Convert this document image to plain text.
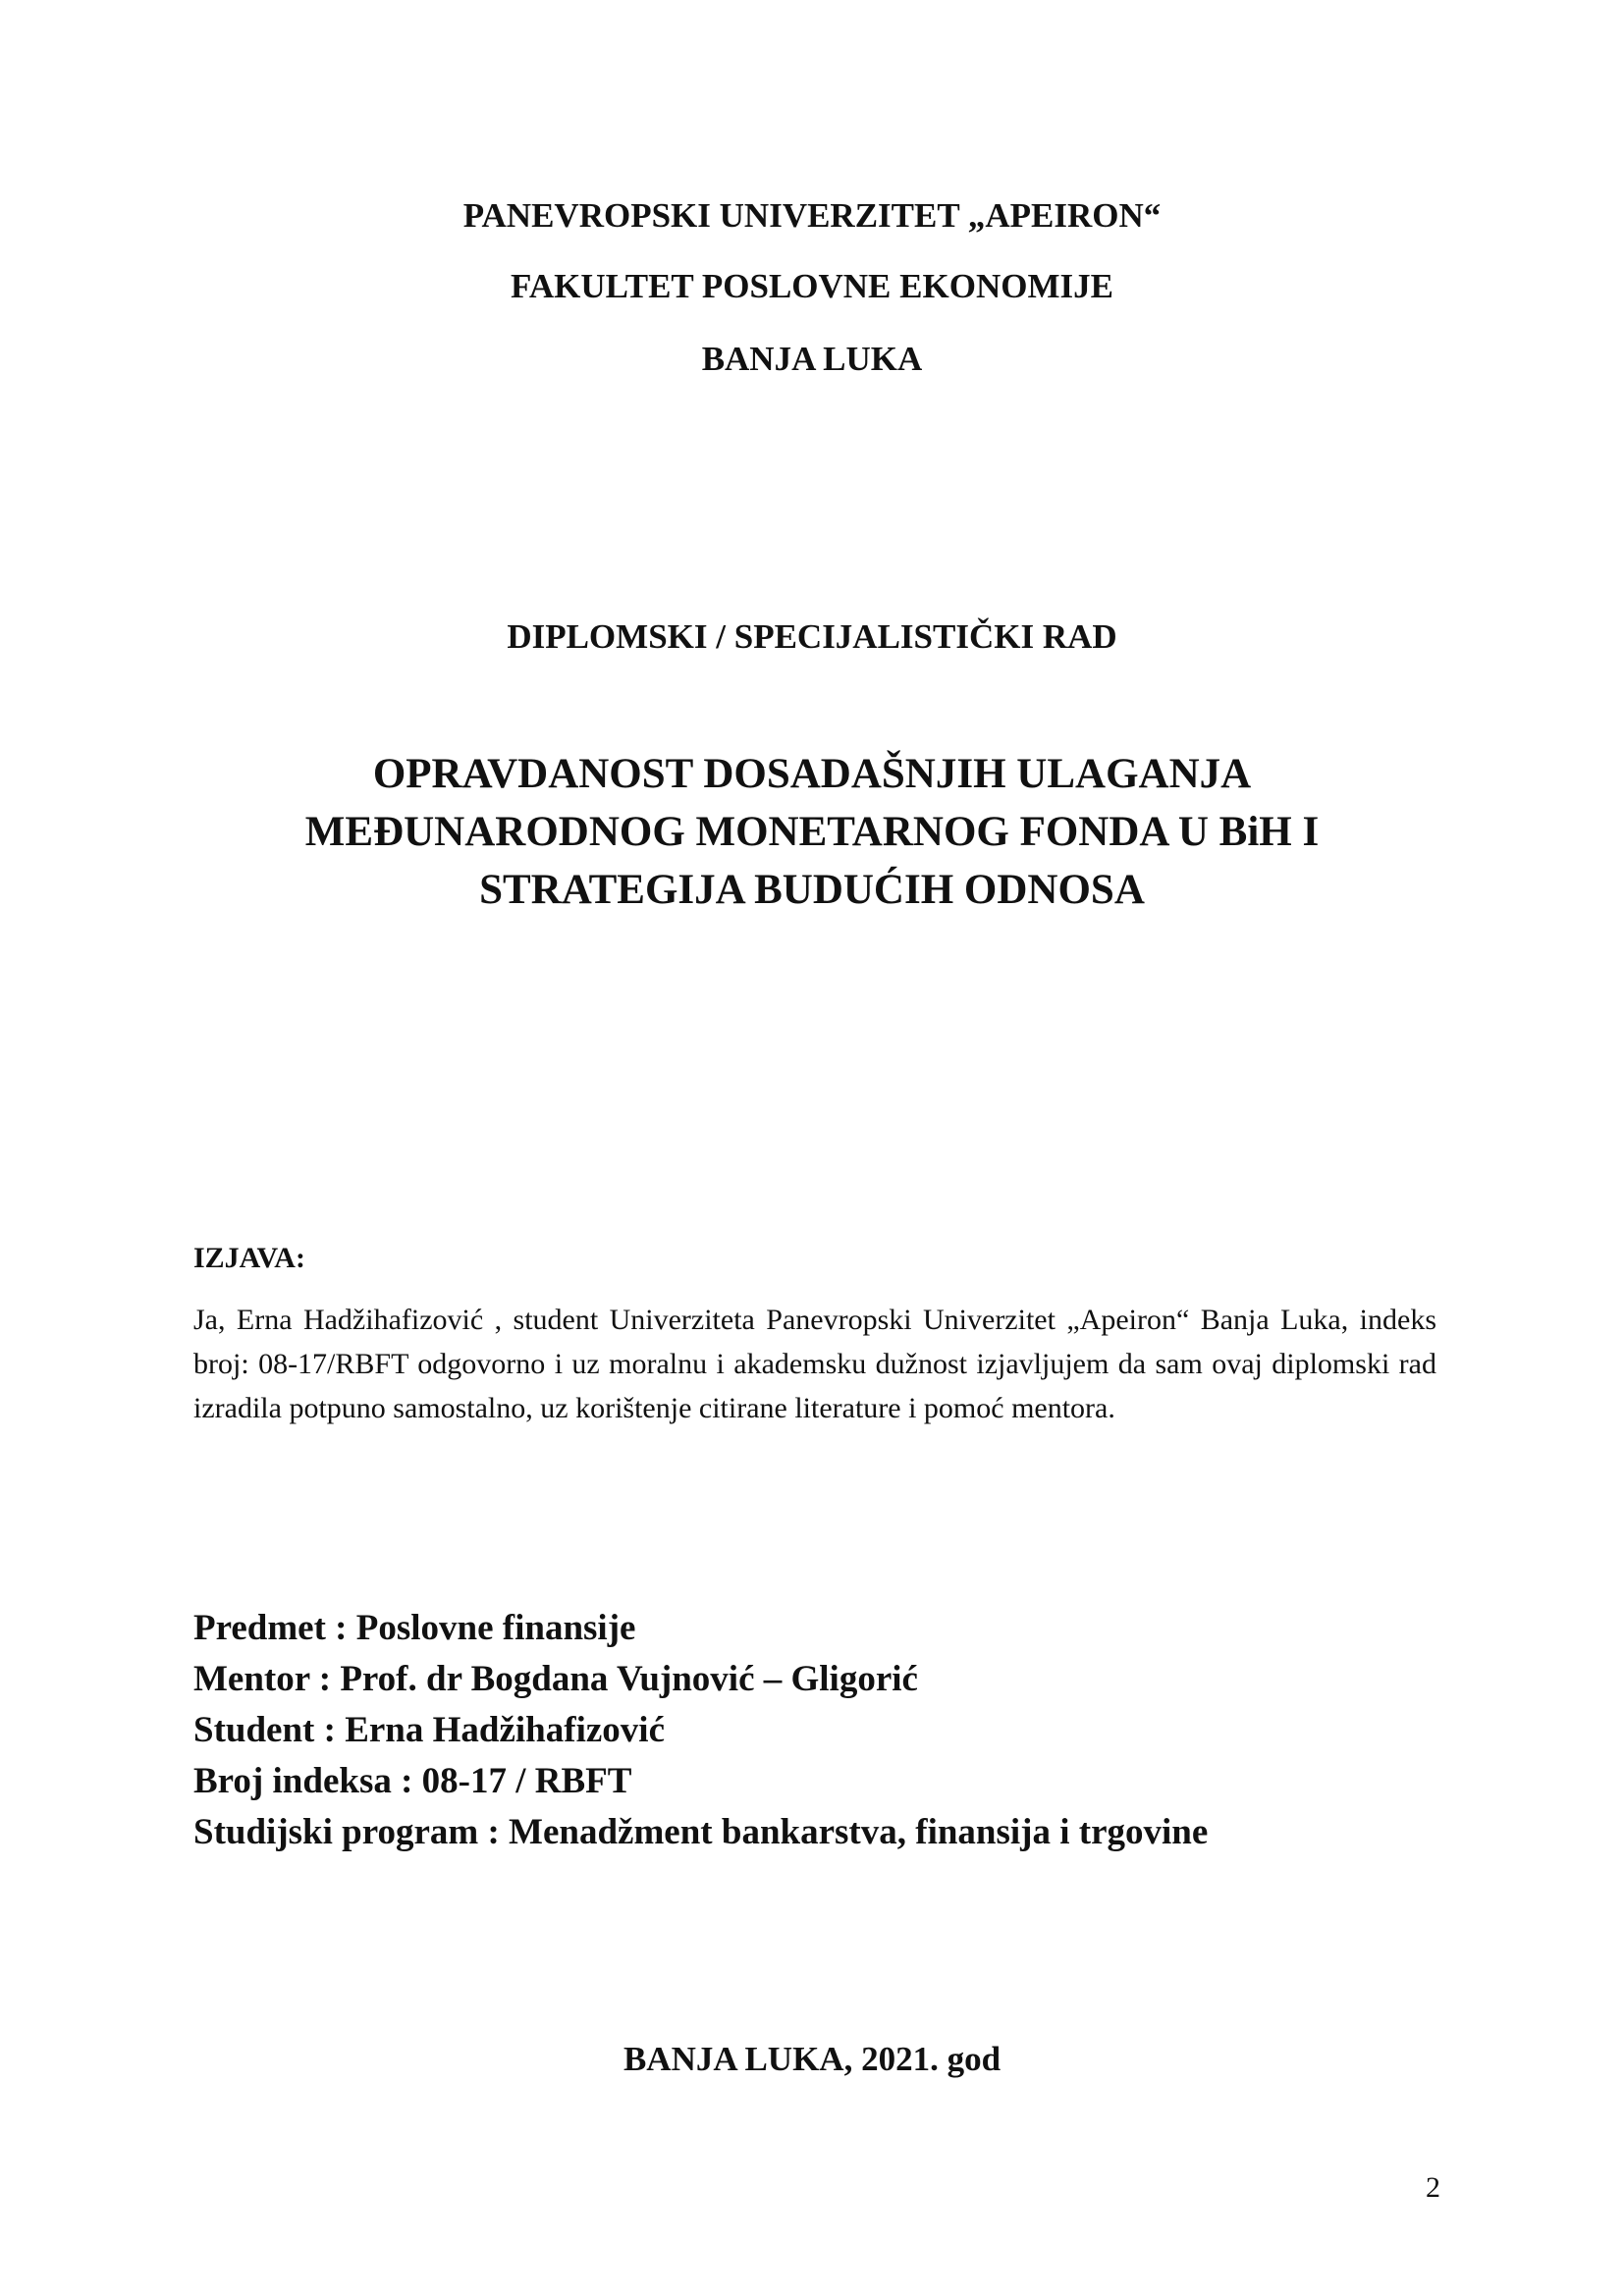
PANEVROPSKI UNIVERZITET „APEIRON“
FAKULTET POSLOVNE EKONOMIJE
BANJA LUKA
DIPLOMSKI / SPECIJALISTIČKI RAD
OPRAVDANOST DOSADAŠNJIH ULAGANJA
MEĐUNARODNOG MONETARNOG FONDA U BiH I
STRATEGIJA BUDUĆIH ODNOSA
IZJAVA:
Ja, Erna Hadžihafizović , student Univerziteta Panevropski Univerzitet „Apeiron“ Banja Luka, indeks broj: 08-17/RBFT odgovorno i uz moralnu i akademsku dužnost izjavljujem da sam ovaj diplomski rad izradila potpuno samostalno, uz korištenje citirane literature i pomoć mentora.
Predmet : Poslovne finansije
Mentor : Prof. dr Bogdana Vujnović – Gligorić
Student : Erna Hadžihafizović
Broj indeksa : 08-17 / RBFT
Studijski program : Menadžment bankarstva, finansija i trgovine
BANJA LUKA, 2021. god
2
